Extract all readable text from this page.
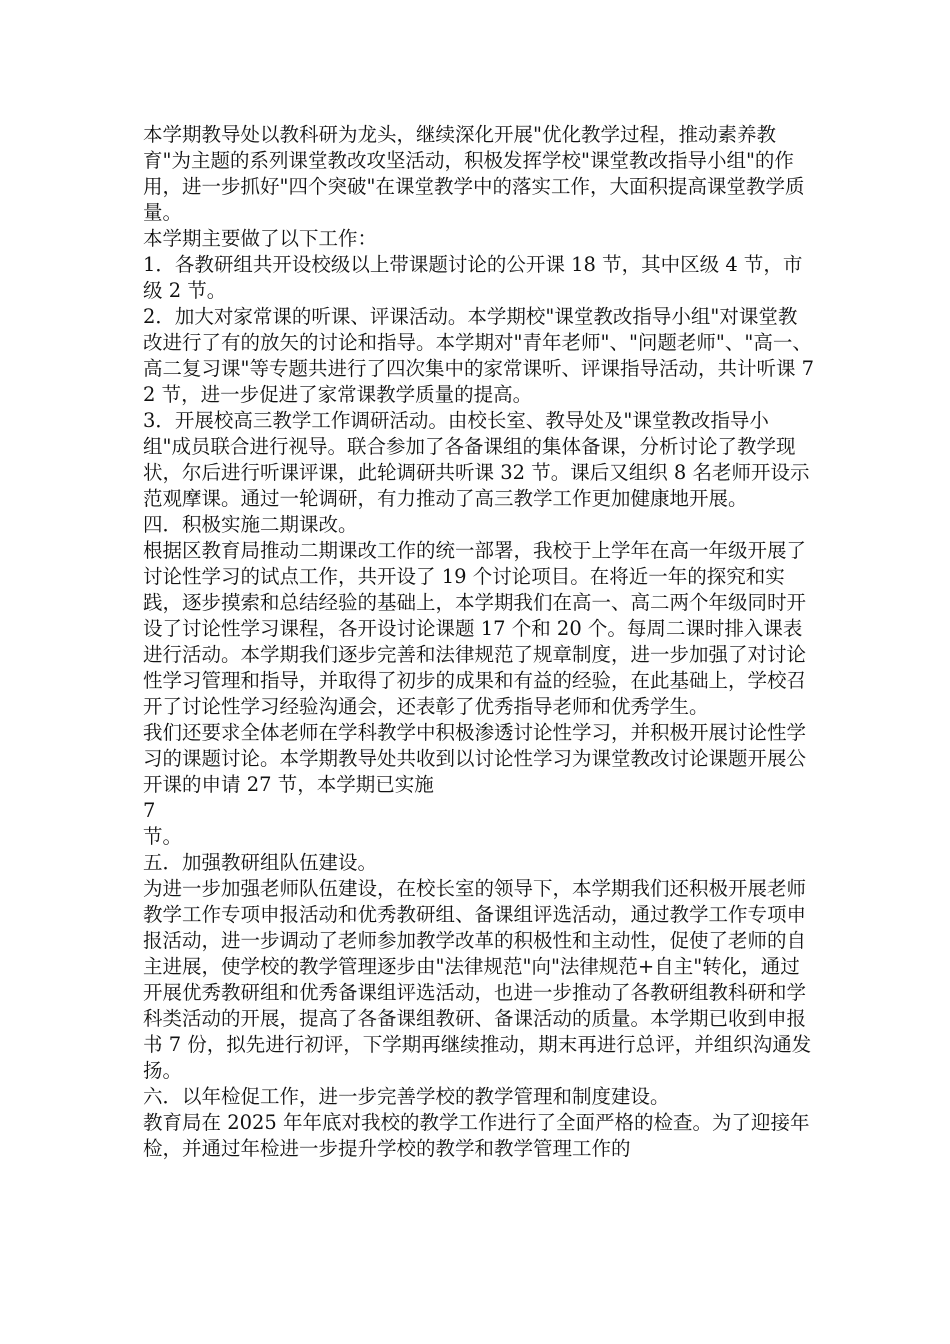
本学期教导处以教科研为龙头，继续深化开展"优化教学过程，推动素养教育"为主题的系列课堂教改攻坚活动，积极发挥学校"课堂教改指导小组"的作用，进一步抓好"四个突破"在课堂教学中的落实工作，大面积提高课堂教学质量。

本学期主要做了以下工作：

1．各教研组共开设校级以上带课题讨论的公开课 18 节，其中区级 4 节，市级 2 节。

2．加大对家常课的听课、评课活动。本学期校"课堂教改指导小组"对课堂教改进行了有的放矢的讨论和指导。本学期对"青年老师"、"问题老师"、"高一、高二复习课"等专题共进行了四次集中的家常课听、评课指导活动，共计听课 72 节，进一步促进了家常课教学质量的提高。

3．开展校高三教学工作调研活动。由校长室、教导处及"课堂教改指导小组"成员联合进行视导。联合参加了各备课组的集体备课，分析讨论了教学现状，尔后进行听课评课，此轮调研共听课 32 节。课后又组织 8 名老师开设示范观摩课。通过一轮调研，有力推动了高三教学工作更加健康地开展。

四．积极实施二期课改。

根据区教育局推动二期课改工作的统一部署，我校于上学年在高一年级开展了讨论性学习的试点工作，共开设了 19 个讨论项目。在将近一年的探究和实践，逐步摸索和总结经验的基础上，本学期我们在高一、高二两个年级同时开设了讨论性学习课程，各开设讨论课题 17 个和 20 个。每周二课时排入课表进行活动。本学期我们逐步完善和法律规范了规章制度，进一步加强了对讨论性学习管理和指导，并取得了初步的成果和有益的经验，在此基础上，学校召开了讨论性学习经验沟通会，还表彰了优秀指导老师和优秀学生。

我们还要求全体老师在学科教学中积极渗透讨论性学习，并积极开展讨论性学习的课题讨论。本学期教导处共收到以讨论性学习为课堂教改讨论课题开展公开课的申请 27 节，本学期已实施

7

节。

五．加强教研组队伍建设。

为进一步加强老师队伍建设，在校长室的领导下，本学期我们还积极开展老师教学工作专项申报活动和优秀教研组、备课组评选活动，通过教学工作专项申报活动，进一步调动了老师参加教学改革的积极性和主动性，促使了老师的自主进展，使学校的教学管理逐步由"法律规范"向"法律规范+自主"转化，通过开展优秀教研组和优秀备课组评选活动，也进一步推动了各教研组教科研和学科类活动的开展，提高了各备课组教研、备课活动的质量。本学期已收到申报书 7 份，拟先进行初评，下学期再继续推动，期末再进行总评，并组织沟通发扬。

六．以年检促工作，进一步完善学校的教学管理和制度建设。

教育局在 2025 年年底对我校的教学工作进行了全面严格的检查。为了迎接年检，并通过年检进一步提升学校的教学和教学管理工作的
